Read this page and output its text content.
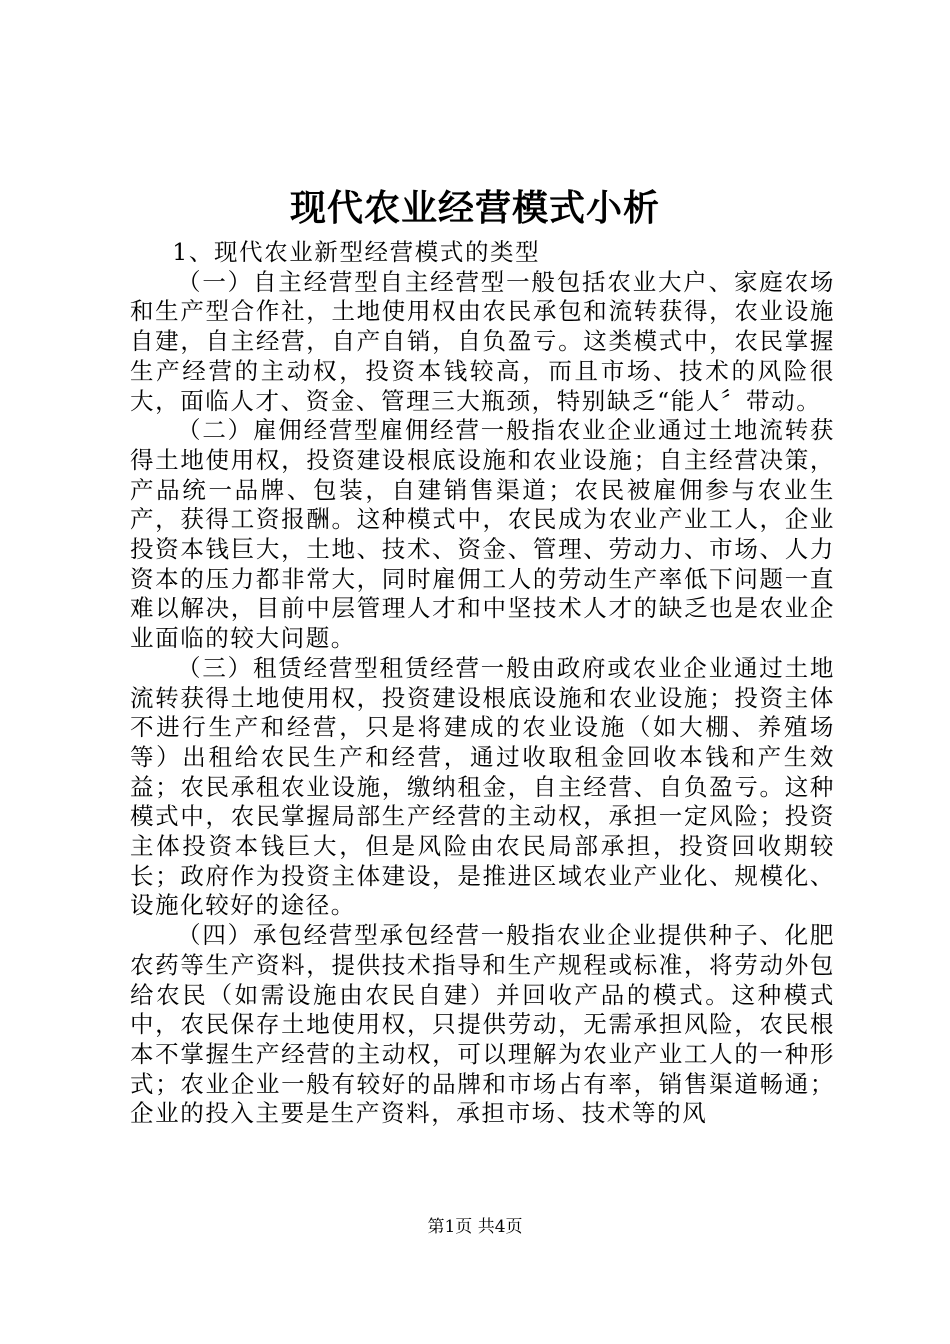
现代农业经营模式小析

1、现代农业新型经营模式的类型

（一）自主经营型自主经营型一般包括农业大户、家庭农场和生产型合作社，土地使用权由农民承包和流转获得，农业设施自建，自主经营，自产自销，自负盈亏。这类模式中，农民掌握生产经营的主动权，投资本钱较高，而且市场、技术的风险很大，面临人才、资金、管理三大瓶颈，特别缺乏“能人〞带动。

（二）雇佣经营型雇佣经营一般指农业企业通过土地流转获得土地使用权，投资建设根底设施和农业设施；自主经营决策，产品统一品牌、包装，自建销售渠道；农民被雇佣参与农业生产，获得工资报酬。这种模式中，农民成为农业产业工人，企业投资本钱巨大，土地、技术、资金、管理、劳动力、市场、人力资本的压力都非常大，同时雇佣工人的劳动生产率低下问题一直难以解决，目前中层管理人才和中坚技术人才的缺乏也是农业企业面临的较大问题。

（三）租赁经营型租赁经营一般由政府或农业企业通过土地流转获得土地使用权，投资建设根底设施和农业设施；投资主体不进行生产和经营，只是将建成的农业设施（如大棚、养殖场等）出租给农民生产和经营，通过收取租金回收本钱和产生效益；农民承租农业设施，缴纳租金，自主经营、自负盈亏。这种模式中，农民掌握局部生产经营的主动权，承担一定风险；投资主体投资本钱巨大，但是风险由农民局部承担，投资回收期较长；政府作为投资主体建设，是推进区域农业产业化、规模化、设施化较好的途径。

（四）承包经营型承包经营一般指农业企业提供种子、化肥农药等生产资料，提供技术指导和生产规程或标准，将劳动外包给农民（如需设施由农民自建）并回收产品的模式。这种模式中，农民保存土地使用权，只提供劳动，无需承担风险，农民根本不掌握生产经营的主动权，可以理解为农业产业工人的一种形式；农业企业一般有较好的品牌和市场占有率，销售渠道畅通；企业的投入主要是生产资料，承担市场、技术等的风

第1页 共4页
